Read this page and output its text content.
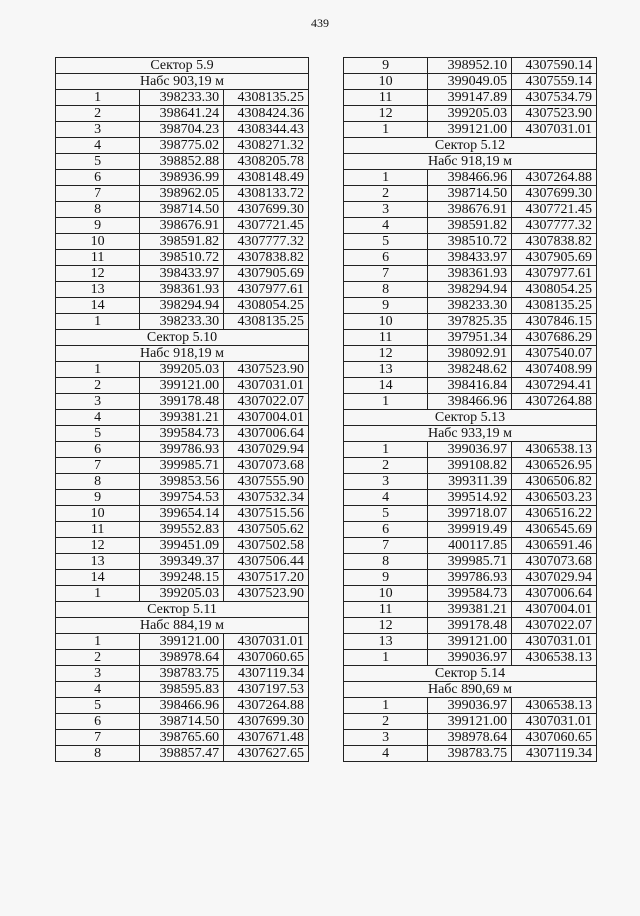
439
Сектор 5.9		
Набс 903,19 м		
1	398233.30	4308135.25
2	398641.24	4308424.36
3	398704.23	4308344.43
4	398775.02	4308271.32
5	398852.88	4308205.78
6	398936.99	4308148.49
7	398962.05	4308133.72
8	398714.50	4307699.30
9	398676.91	4307721.45
10	398591.82	4307777.32
11	398510.72	4307838.82
12	398433.97	4307905.69
13	398361.93	4307977.61
14	398294.94	4308054.25
1	398233.30	4308135.25
Сектор 5.10		
Набс 918,19 м		
1	399205.03	4307523.90
2	399121.00	4307031.01
3	399178.48	4307022.07
4	399381.21	4307004.01
5	399584.73	4307006.64
6	399786.93	4307029.94
7	399985.71	4307073.68
8	399853.56	4307555.90
9	399754.53	4307532.34
10	399654.14	4307515.56
11	399552.83	4307505.62
12	399451.09	4307502.58
13	399349.37	4307506.44
14	399248.15	4307517.20
1	399205.03	4307523.90
Сектор 5.11		
Набс 884,19 м		
1	399121.00	4307031.01
2	398978.64	4307060.65
3	398783.75	4307119.34
4	398595.83	4307197.53
5	398466.96	4307264.88
6	398714.50	4307699.30
7	398765.60	4307671.48
8	398857.47	4307627.65
9	398952.10	4307590.14
10	399049.05	4307559.14
11	399147.89	4307534.79
12	399205.03	4307523.90
1	399121.00	4307031.01
Сектор 5.12		
Набс 918,19 м		
1	398466.96	4307264.88
2	398714.50	4307699.30
3	398676.91	4307721.45
4	398591.82	4307777.32
5	398510.72	4307838.82
6	398433.97	4307905.69
7	398361.93	4307977.61
8	398294.94	4308054.25
9	398233.30	4308135.25
10	397825.35	4307846.15
11	397951.34	4307686.29
12	398092.91	4307540.07
13	398248.62	4307408.99
14	398416.84	4307294.41
1	398466.96	4307264.88
Сектор 5.13		
Набс 933,19 м		
1	399036.97	4306538.13
2	399108.82	4306526.95
3	399311.39	4306506.82
4	399514.92	4306503.23
5	399718.07	4306516.22
6	399919.49	4306545.69
7	400117.85	4306591.46
8	399985.71	4307073.68
9	399786.93	4307029.94
10	399584.73	4307006.64
11	399381.21	4307004.01
12	399178.48	4307022.07
13	399121.00	4307031.01
1	399036.97	4306538.13
Сектор 5.14		
Набс 890,69 м		
1	399036.97	4306538.13
2	399121.00	4307031.01
3	398978.64	4307060.65
4	398783.75	4307119.34
